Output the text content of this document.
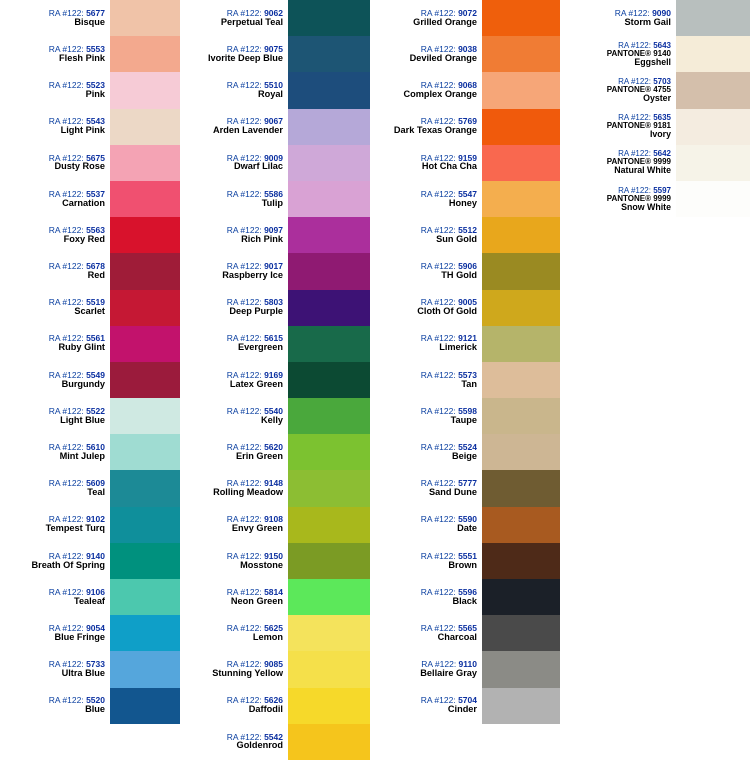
RA #122: 5677
Bisque
RA #122: 5553
Flesh Pink
RA #122: 5523
Pink
RA #122: 5543
Light Pink
RA #122: 5675
Dusty Rose
RA #122: 5537
Carnation
RA #122: 5563
Foxy Red
RA #122: 5678
Red
RA #122: 5519
Scarlet
RA #122: 5561
Ruby Glint
RA #122: 5549
Burgundy
RA #122: 5522
Light Blue
RA #122: 5610
Mint Julep
RA #122: 5609
Teal
RA #122: 9102
Tempest Turq
RA #122: 9140
Breath Of Spring
RA #122: 9106
Tealeaf
RA #122: 9054
Blue Fringe
RA #122: 5733
Ultra Blue
RA #122: 5520
Blue
RA #122: 9062
Perpetual Teal
RA #122: 9075
Ivorite Deep Blue
RA #122: 5510
Royal
RA #122: 9067
Arden Lavender
RA #122: 9009
Dwarf Lilac
RA #122: 5586
Tulip
RA #122: 9097
Rich Pink
RA #122: 9017
Raspberry Ice
RA #122: 5803
Deep Purple
RA #122: 5615
Evergreen
RA #122: 9169
Latex Green
RA #122: 5540
Kelly
RA #122: 5620
Erin Green
RA #122: 9148
Rolling Meadow
RA #122: 9108
Envy Green
RA #122: 9150
Mosstone
RA #122: 5814
Neon Green
RA #122: 5625
Lemon
RA #122: 9085
Stunning Yellow
RA #122: 5626
Daffodil
RA #122: 5542
Goldenrod
RA #122: 9072
Grilled Orange
RA #122: 9038
Deviled Orange
RA #122: 9068
Complex Orange
RA #122: 5769
Dark Texas Orange
RA #122: 9159
Hot Cha Cha
RA #122: 5547
Honey
RA #122: 5512
Sun Gold
RA #122: 5906
TH Gold
RA #122: 9005
Cloth Of Gold
RA #122: 9121
Limerick
RA #122: 5573
Tan
RA #122: 5598
Taupe
RA #122: 5524
Beige
RA #122: 5777
Sand Dune
RA #122: 5590
Date
RA #122: 5551
Brown
RA #122: 5596
Black
RA #122: 5565
Charcoal
RA #122: 9110
Bellaire Gray
RA #122: 5704
Cinder
RA #122: 9090
Storm Gail
RA #122: 5643
PANTONE® 9140
Eggshell
RA #122: 5703
PANTONE® 4755
Oyster
RA #122: 5635
PANTONE® 9181
Ivory
RA #122: 5642
PANTONE® 9999
Natural White
RA #122: 5597
PANTONE® 9999
Snow White
